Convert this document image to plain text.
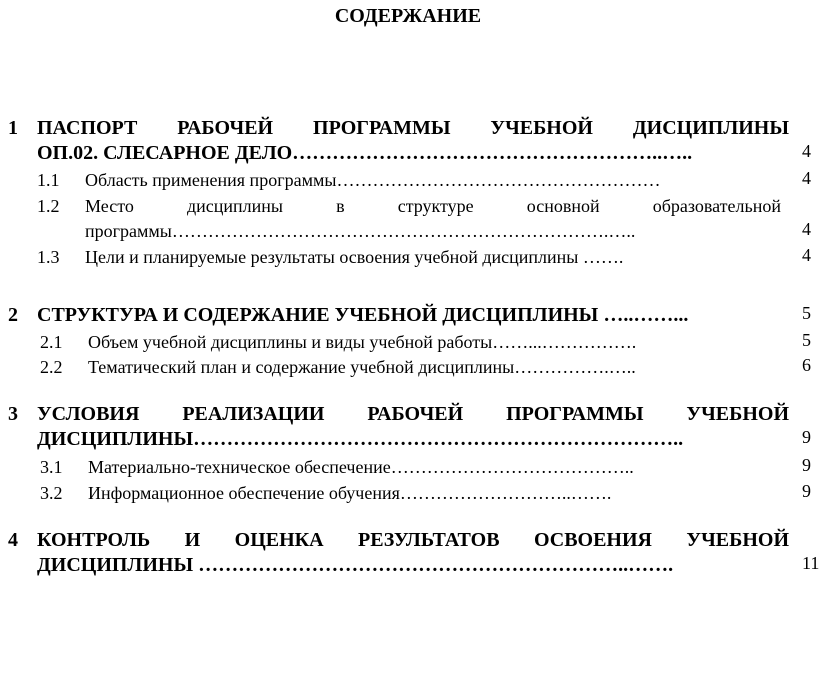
СОДЕРЖАНИЕ
1 ПАСПОРТ РАБОЧЕЙ ПРОГРАММЫ УЧЕБНОЙ ДИСЦИПЛИНЫ
ОП.02. СЛЕСАРНОЕ ДЕЛО………………………………………………..…..	4
1.1 Область применения программы………………………………………………	4
1.2 Место дисциплины в структуре основной образовательной
программы……………………………………………………………….…..	4
1.3 Цели и планируемые результаты освоения учебной дисциплины …….	4
2 СТРУКТУРА И СОДЕРЖАНИЕ УЧЕБНОЙ ДИСЦИПЛИНЫ …..……...	5
2.1 Объем учебной дисциплины и виды учебной работы……...…………….	5
2.2 Тематический план и содержание учебной дисциплины…………….…..	6
3 УСЛОВИЯ РЕАЛИЗАЦИИ РАБОЧЕЙ ПРОГРАММЫ УЧЕБНОЙ
ДИСЦИПЛИНЫ………………………………………………………………..	9
3.1 Материально-техническое обеспечение…………………………………..	9
3.2 Информационное обеспечение обучения………………………..…….	9
4 КОНТРОЛЬ И ОЦЕНКА РЕЗУЛЬТАТОВ ОСВОЕНИЯ УЧЕБНОЙ
ДИСЦИПЛИНЫ ………………………………………………………..…….	11
